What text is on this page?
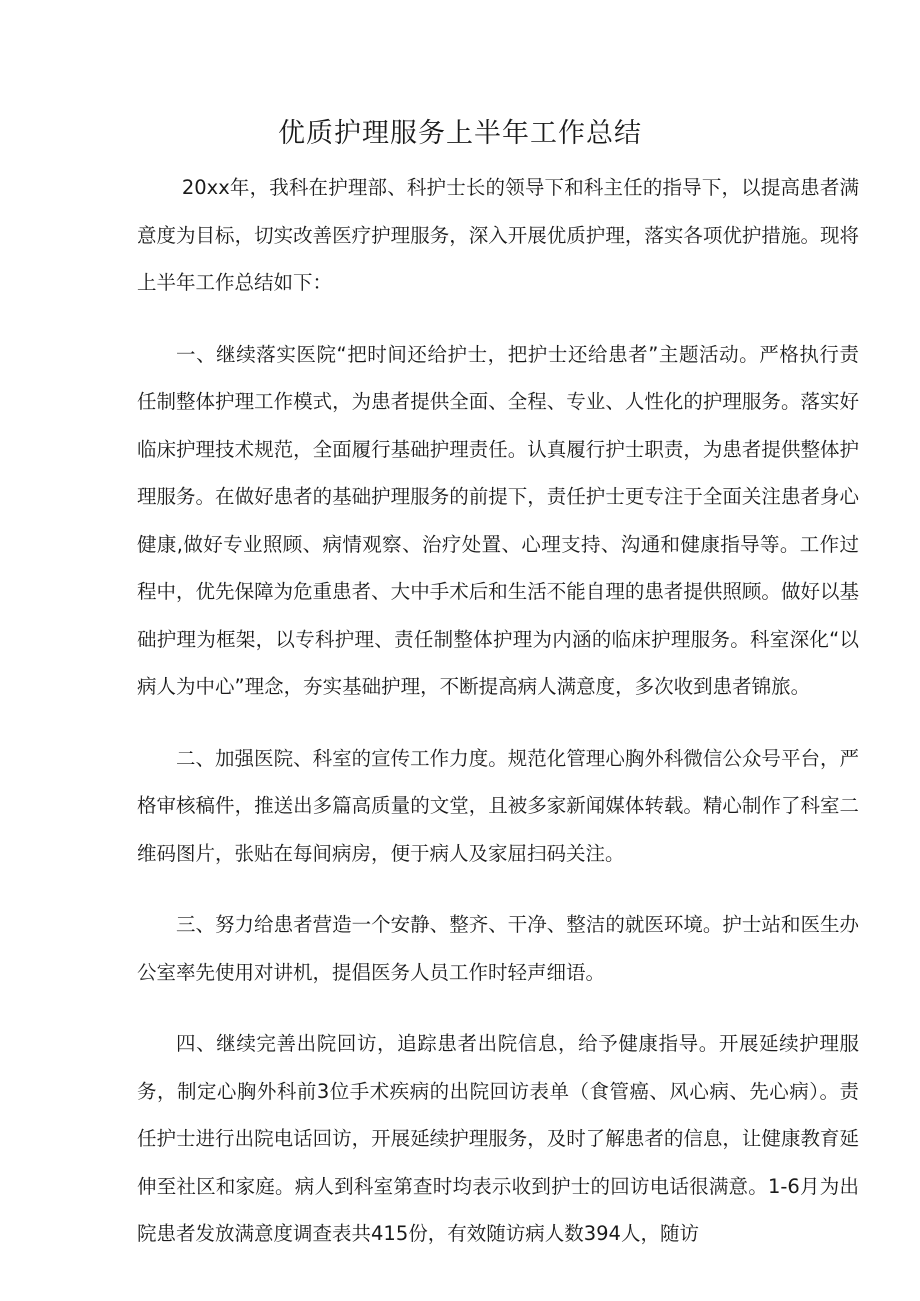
优质护理服务上半年工作总结

20xx年，我科在护理部、科护士长的领导下和科主任的指导下，以提高患者满意度为目标，切实改善医疗护理服务，深入开展优质护理，落实各项优护措施。现将上半年工作总结如下：

一、继续落实医院“把时间还给护士，把护士还给患者”主题活动。严格执行责任制整体护理工作模式，为患者提供全面、全程、专业、人性化的护理服务。落实好临床护理技术规范，全面履行基础护理责任。认真履行护士职责，为患者提供整体护理服务。在做好患者的基础护理服务的前提下，责任护士更专注于全面关注患者身心健康,做好专业照顾、病情观察、治疗处置、心理支持、沟通和健康指导等。工作过程中，优先保障为危重患者、大中手术后和生活不能自理的患者提供照顾。做好以基础护理为框架，以专科护理、责任制整体护理为内涵的临床护理服务。科室深化“以病人为中心”理念，夯实基础护理，不断提高病人满意度，多次收到患者锦旅。

二、加强医院、科室的宣传工作力度。规范化管理心胸外科微信公众号平台，严格审核稿件，推送出多篇高质量的文堂，且被多家新闻媒体转载。精心制作了科室二维码图片，张贴在每间病房，便于病人及家屈扫码关注。

三、努力给患者营造一个安静、整齐、干净、整洁的就医环境。护士站和医生办公室率先使用对讲机，提倡医务人员工作时轻声细语。

四、继续完善出院回访，追踪患者出院信息，给予健康指导。开展延续护理服务，制定心胸外科前3位手术疾病的出院回访表单（食管癌、风心病、先心病）。责任护士进行出院电话回访，开展延续护理服务，及时了解患者的信息，让健康教育延伸至社区和家庭。病人到科室第查时均表示收到护士的回访电话很满意。1-6月为出院患者发放满意度调查表共415份，有效随访病人数394人，随访
